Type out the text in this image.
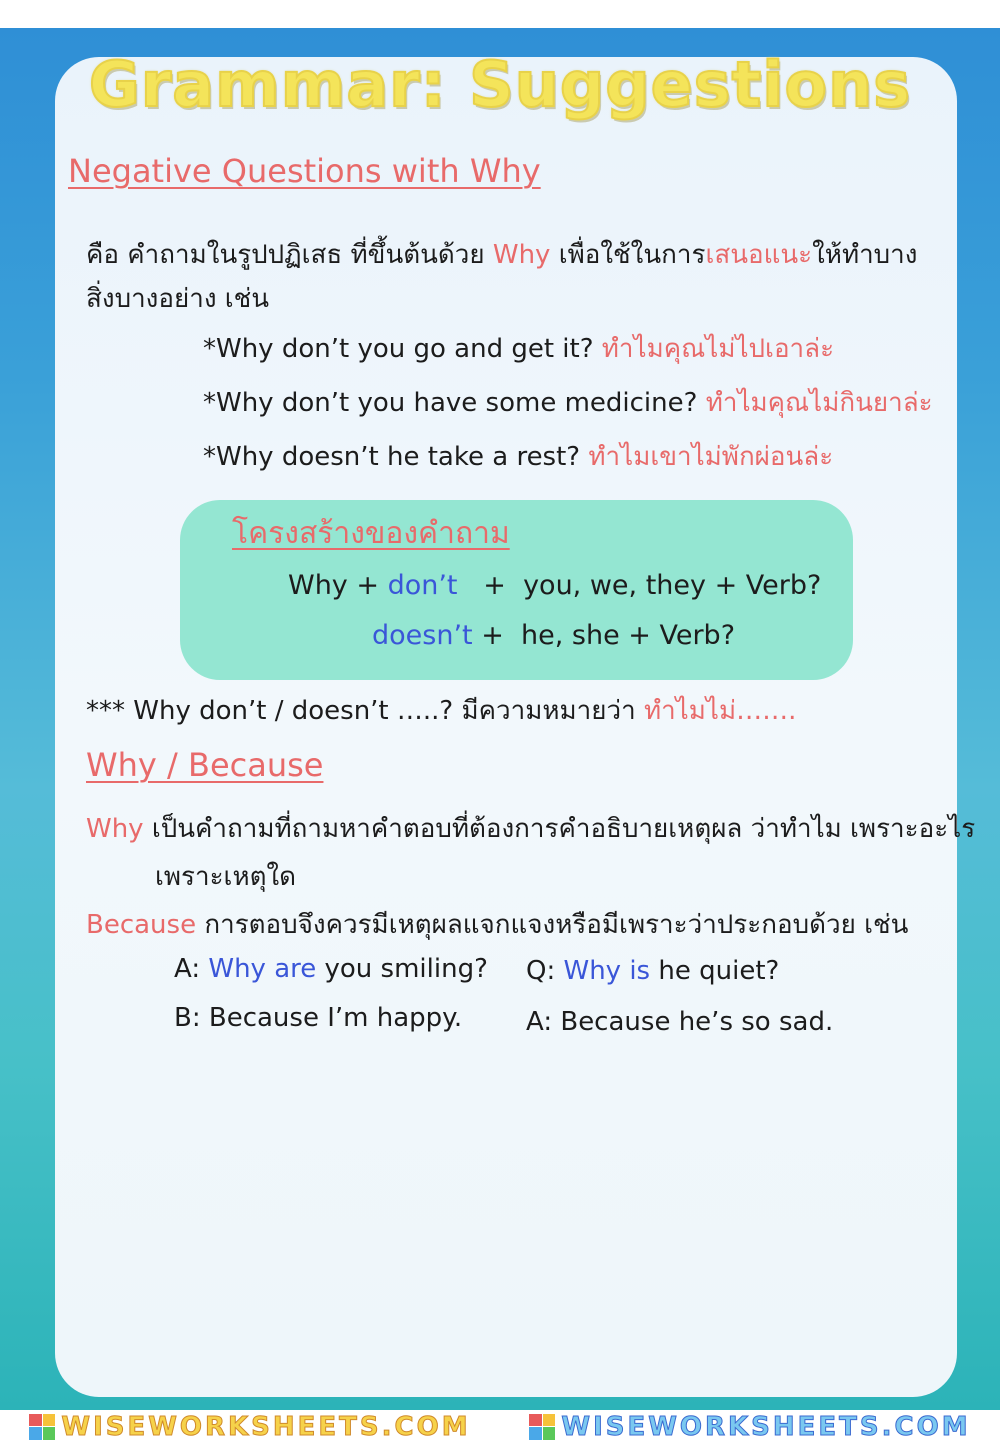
Grammar: Suggestions
Negative Questions with Why
คือ คำถามในรูปปฏิเสธ ที่ขึ้นต้นด้วย Why เพื่อใช้ในการเสนอแนะให้ทำบาง
สิ่งบางอย่าง เช่น
*Why don’t you go and get it? ทำไมคุณไม่ไปเอาล่ะ
*Why don’t you have some medicine? ทำไมคุณไม่กินยาล่ะ
*Why doesn’t he take a rest? ทำไมเขาไม่พักผ่อนล่ะ
โครงสร้างของคำถาม
Why + don’t   +  you, we, they + Verb?
doesn’t +  he, she + Verb?
*** Why don’t / doesn’t …..? มีความหมายว่า ทำไมไม่…….
Why / Because
Why เป็นคำถามที่ถามหาคำตอบที่ต้องการคำอธิบายเหตุผล ว่าทำไม เพราะอะไร
เพราะเหตุใด
Because การตอบจึงควรมีเหตุผลแจกแจงหรือมีเพราะว่าประกอบด้วย เช่น
A: Why are you smiling?
B: Because I’m happy.
Q: Why is he quiet?
A: Because he’s so sad.
WISEWORKSHEETS.COM	WISEWORKSHEETS.COM
